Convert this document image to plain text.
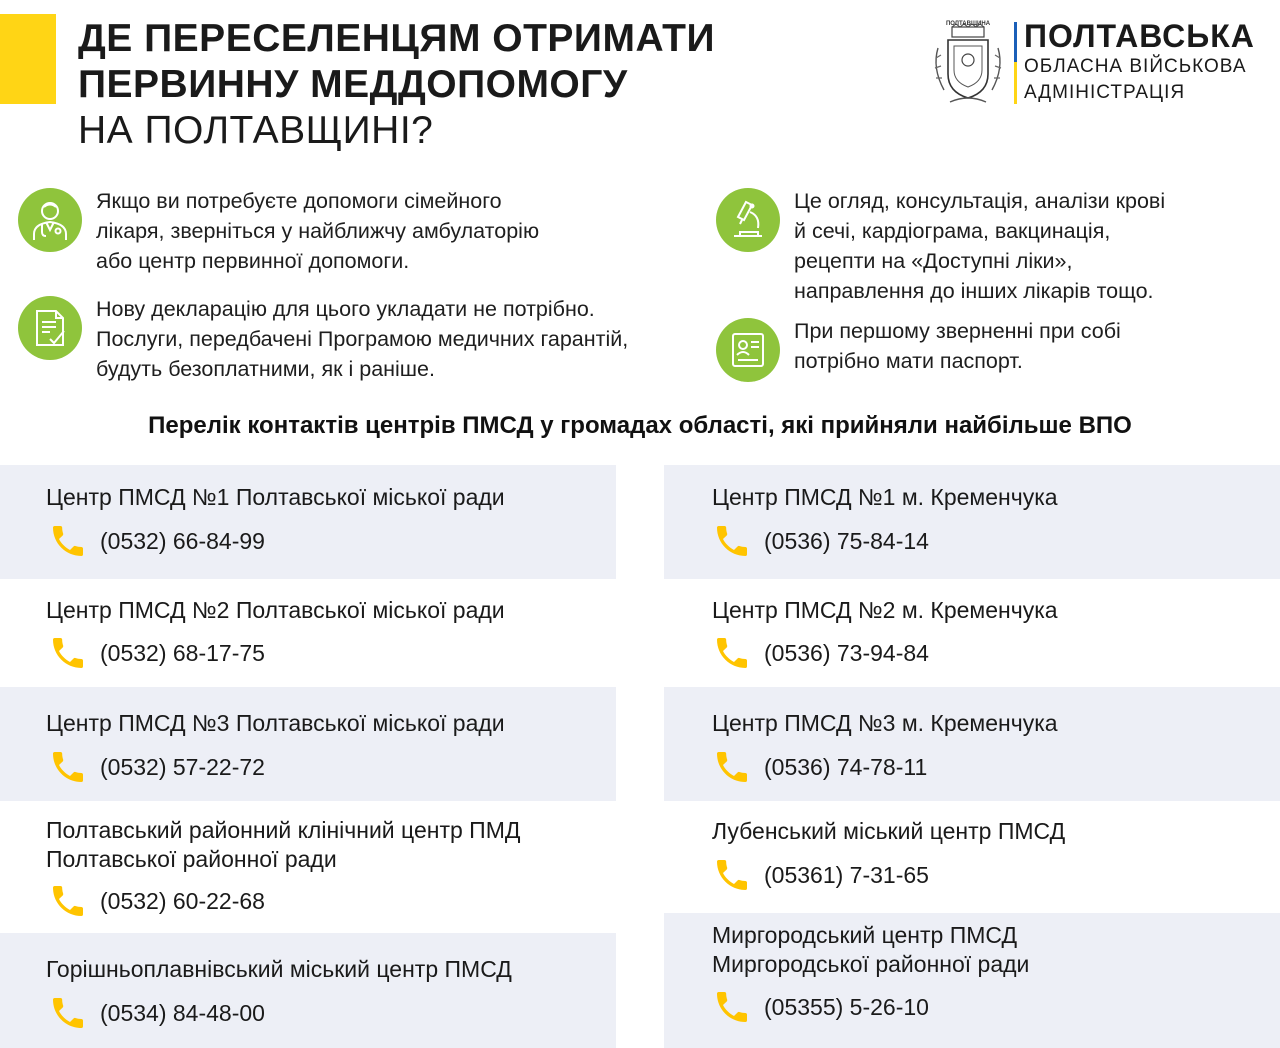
ДЕ ПЕРЕСЕЛЕНЦЯМ ОТРИМАТИ
ПЕРВИННУ МЕДДОПОМОГУ
НА ПОЛТАВЩИНІ?
ПОЛТАВЩИНА ПОЛТАВСЬКА
ОБЛАСНА ВІЙСЬКОВА
АДМІНІСТРАЦІЯ
Якщо ви потребуєте допомоги сімейного
лікаря, зверніться у найближчу амбулаторію
або центр первинної допомоги.
Нову декларацію для цього укладати не потрібно.
Послуги, передбачені Програмою медичних гарантій,
будуть безоплатними, як і раніше.
Це огляд, консультація, аналізи крові
й сечі, кардіограма, вакцинація,
рецепти на «Доступні ліки»,
направлення до інших лікарів тощо.
При першому зверненні при собі
потрібно мати паспорт.
Перелік контактів центрів ПМСД у громадах області, які прийняли найбільше ВПО
Центр ПМСД №1 Полтавської міської ради
(0532) 66-84-99
Центр ПМСД №2 Полтавської міської ради
(0532) 68-17-75
Центр ПМСД №3 Полтавської міської ради
(0532) 57-22-72
Полтавський районний клінічний центр ПМД
Полтавської районної ради
(0532) 60-22-68
Горішньоплавнівський міський центр ПМСД
(0534) 84-48-00
Центр ПМСД №1 м. Кременчука
(0536) 75-84-14
Центр ПМСД №2 м. Кременчука
(0536) 73-94-84
Центр ПМСД №3 м. Кременчука
(0536) 74-78-11
Лубенський міський центр ПМСД
(05361) 7-31-65
Миргородський центр ПМСД
Миргородської районної ради
(05355) 5-26-10
